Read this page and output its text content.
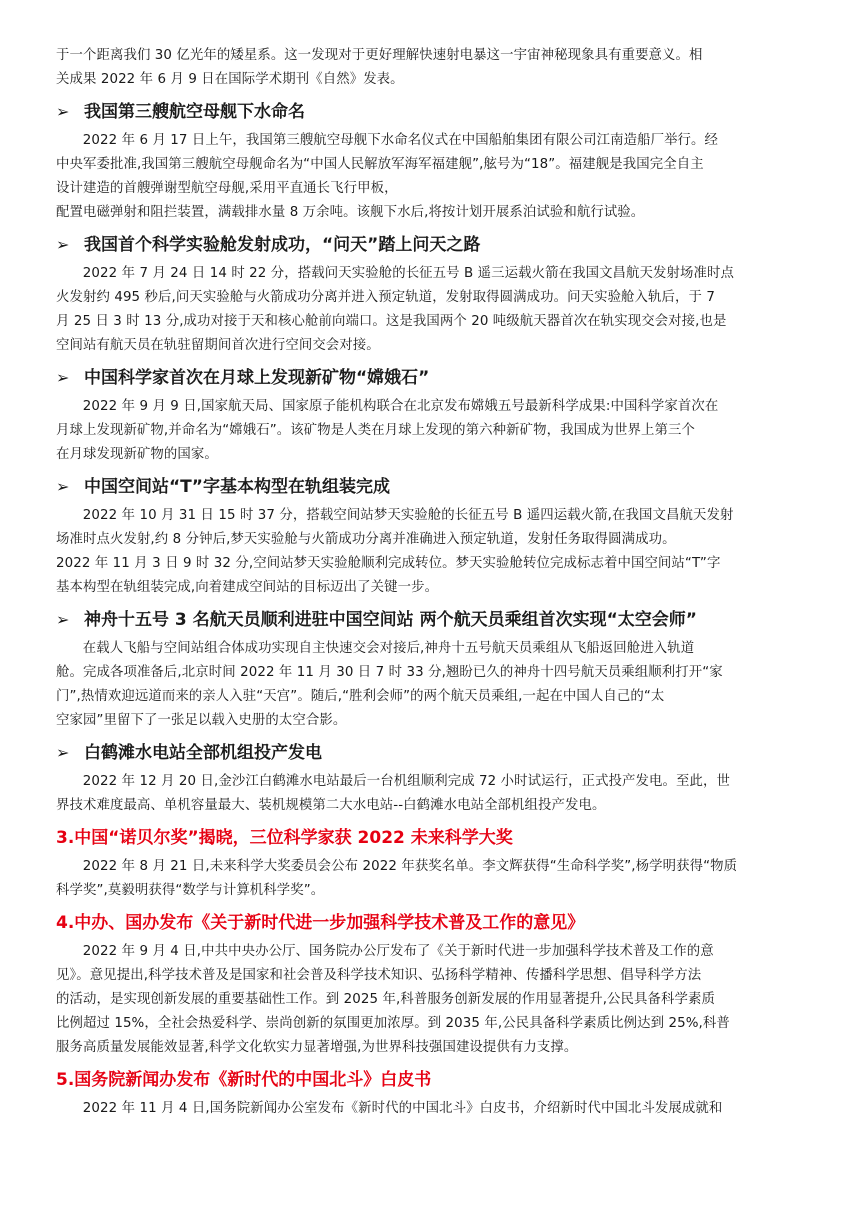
于一个距离我们 30 亿光年的矮星系。这一发现对于更好理解快速射电暴这一宇宙神秘现象具有重要意义。相

关成果 2022 年 6 月 9 日在国际学术期刊《自然》发表。

➢ 我国第三艘航空母舰下水命名

2022 年 6 月 17 日上午，我国第三艘航空母舰下水命名仪式在中国船舶集团有限公司江南造船厂举行。经

中央军委批准,我国第三艘航空母舰命名为“中国人民解放军海军福建舰”,舷号为“18”。福建舰是我国完全自主

设计建造的首艘弹谢型航空母舰,采用平直通长飞行甲板，

配置电磁弹射和阻拦装置，满载排水量 8 万余吨。该舰下水后,将按计划开展系泊试验和航行试验。

➢ 我国首个科学实验舱发射成功，“问天”踏上问天之路

2022 年 7 月 24 日 14 时 22 分，搭载问天实验舱的长征五号 B 遥三运载火箭在我国文昌航天发射场准时点

火发射约 495 秒后,问天实验舱与火箭成功分离并进入预定轨道，发射取得圆满成功。问天实验舱入轨后，于 7

月 25 日 3 时 13 分,成功对接于天和核心舱前向端口。这是我国两个 20 吨级航天器首次在轨实现交会对接,也是

空间站有航天员在轨驻留期间首次进行空间交会对接。

➢ 中国科学家首次在月球上发现新矿物“嫦娥石”

2022 年 9 月 9 日,国家航天局、国家原子能机构联合在北京发布嫦娥五号最新科学成果:中国科学家首次在

月球上发现新矿物,并命名为“嫦娥石”。该矿物是人类在月球上发现的第六种新矿物，我国成为世界上第三个

在月球发现新矿物的国家。

➢ 中国空间站“T”字基本构型在轨组装完成

2022 年 10 月 31 日 15 时 37 分，搭载空间站梦天实验舱的长征五号 B 遥四运载火箭,在我国文昌航天发射

场准时点火发射,约 8 分钟后,梦天实验舱与火箭成功分离并准确进入预定轨道，发射任务取得圆满成功。

2022 年 11 月 3 日 9 时 32 分,空间站梦天实验舱顺利完成转位。梦天实验舱转位完成标志着中国空间站“T”字

基本构型在轨组装完成,向着建成空间站的目标迈出了关键一步。

➢ 神舟十五号 3 名航天员顺利进驻中国空间站 两个航天员乘组首次实现“太空会师”

在载人飞船与空间站组合体成功实现自主快速交会对接后,神舟十五号航天员乘组从飞船返回舱进入轨道

舱。完成各项准备后,北京时间 2022 年 11 月 30 日 7 时 33 分,翘盼已久的神舟十四号航天员乘组顺利打开“家

门”,热情欢迎远道而来的亲人入驻“天宫”。随后,“胜利会师”的两个航天员乘组,一起在中国人自己的“太

空家园”里留下了一张足以载入史册的太空合影。

➢ 白鹤滩水电站全部机组投产发电

2022 年 12 月 20 日,金沙江白鹤滩水电站最后一台机组顺利完成 72 小时试运行，正式投产发电。至此，世

界技术难度最高、单机容量最大、装机规模第二大水电站--白鹤滩水电站全部机组投产发电。

3.中国“诺贝尔奖”揭晓，三位科学家获 2022 未来科学大奖

2022 年 8 月 21 日,未来科学大奖委员会公布 2022 年获奖名单。李文辉获得“生命科学奖”,杨学明获得“物质

科学奖”,莫毅明获得“数学与计算机科学奖”。

4.中办、国办发布《关于新时代进一步加强科学技术普及工作的意见》

2022 年 9 月 4 日,中共中央办公厅、国务院办公厅发布了《关于新时代进一步加强科学技术普及工作的意

见》。意见提出,科学技术普及是国家和社会普及科学技术知识、弘扬科学精神、传播科学思想、倡导科学方法

的活动，是实现创新发展的重要基础性工作。到 2025 年,科普服务创新发展的作用显著提升,公民具备科学素质

比例超过 15%，全社会热爱科学、崇尚创新的氛围更加浓厚。到 2035 年,公民具备科学素质比例达到 25%,科普

服务高质量发展能效显著,科学文化软实力显著增强,为世界科技强国建设提供有力支撑。

5.国务院新闻办发布《新时代的中国北斗》白皮书

2022 年 11 月 4 日,国务院新闻办公室发布《新时代的中国北斗》白皮书，介绍新时代中国北斗发展成就和
